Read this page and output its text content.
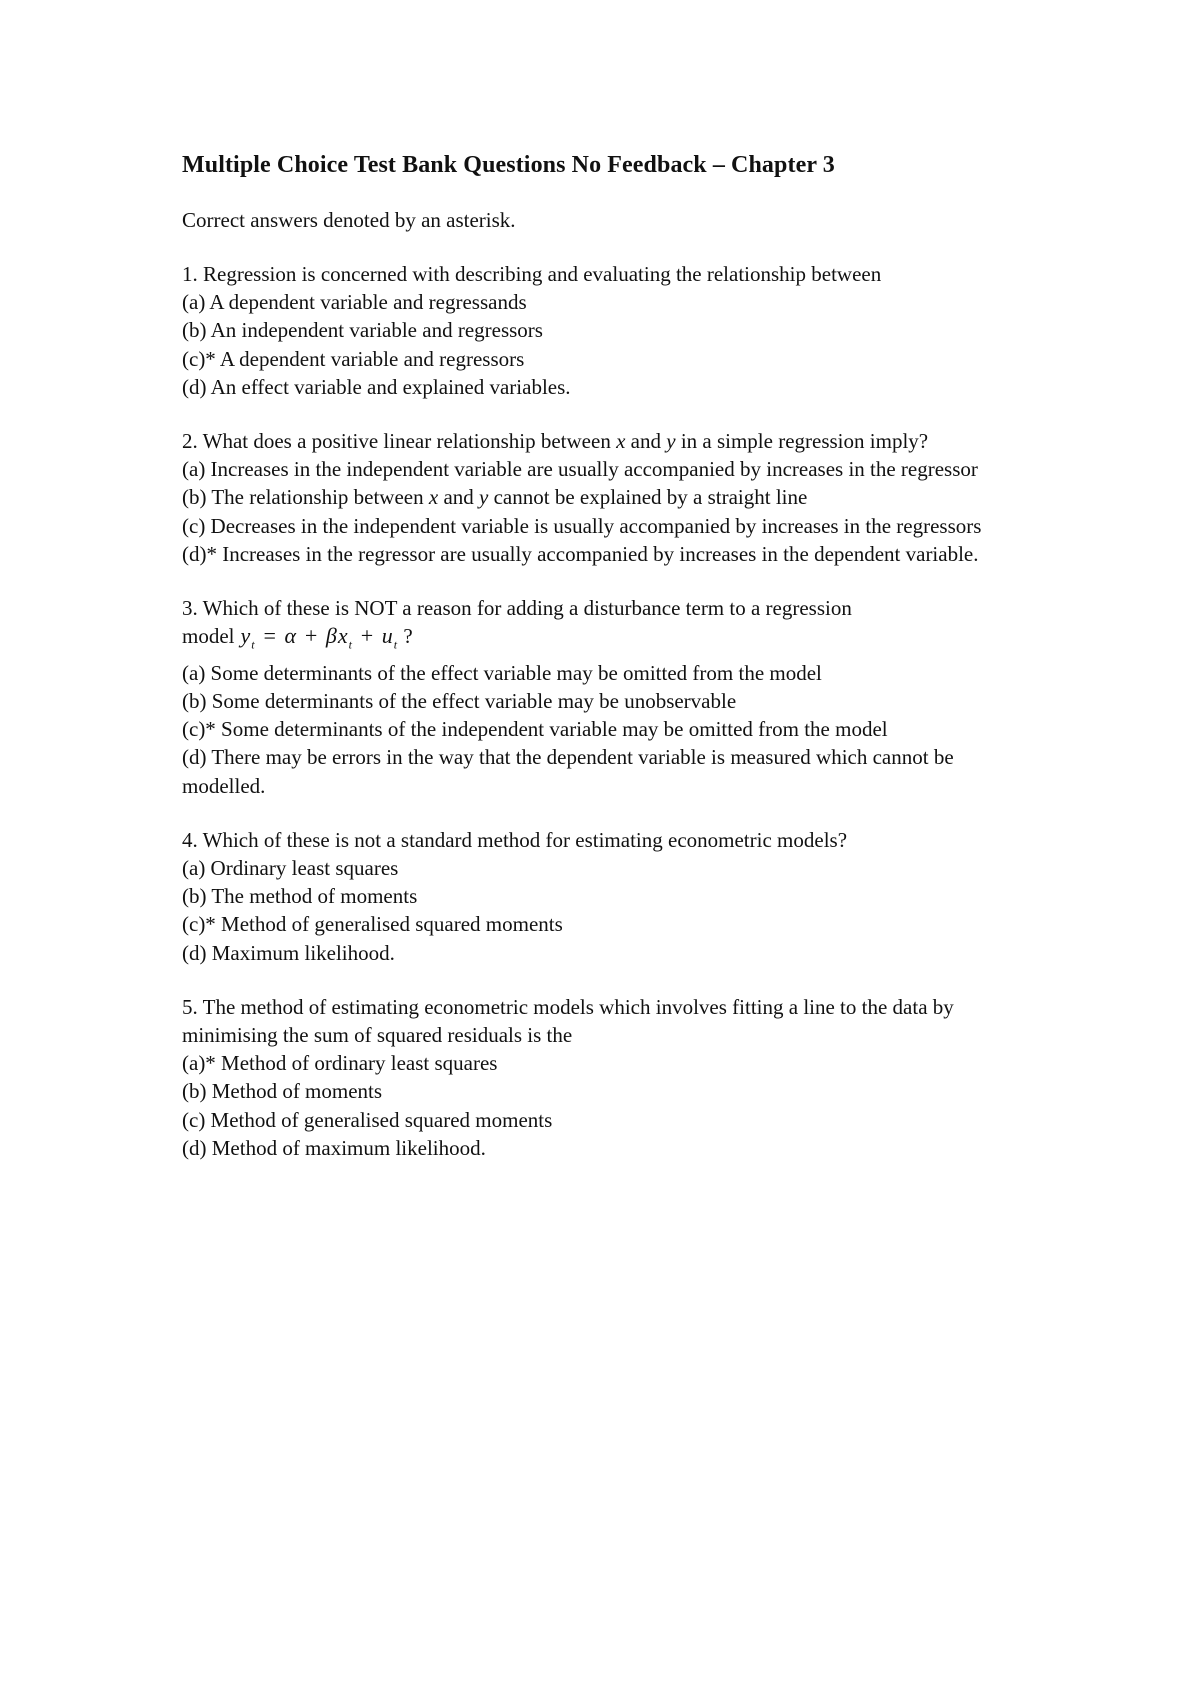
Multiple Choice Test Bank Questions No Feedback – Chapter 3
Correct answers denoted by an asterisk.
1. Regression is concerned with describing and evaluating the relationship between
(a) A dependent variable and regressands
(b) An independent variable and regressors
(c)* A dependent variable and regressors
(d) An effect variable and explained variables.
2. What does a positive linear relationship between x and y in a simple regression imply?
(a) Increases in the independent variable are usually accompanied by increases in the regressor
(b) The relationship between x and y cannot be explained by a straight line
(c) Decreases in the independent variable is usually accompanied by increases in the regressors
(d)* Increases in the regressor are usually accompanied by increases in the dependent variable.
3. Which of these is NOT a reason for adding a disturbance term to a regression
model $y_t = \alpha + \beta x_t + u_t$ ?
(a) Some determinants of the effect variable may be omitted from the model
(b) Some determinants of the effect variable may be unobservable
(c)* Some determinants of the independent variable may be omitted from the model
(d) There may be errors in the way that the dependent variable is measured which cannot be modelled.
4. Which of these is not a standard method for estimating econometric models?
(a) Ordinary least squares
(b) The method of moments
(c)* Method of generalised squared moments
(d) Maximum likelihood.
5. The method of estimating econometric models which involves fitting a line to the data by minimising the sum of squared residuals is the
(a)* Method of ordinary least squares
(b) Method of moments
(c) Method of generalised squared moments
(d) Method of maximum likelihood.
